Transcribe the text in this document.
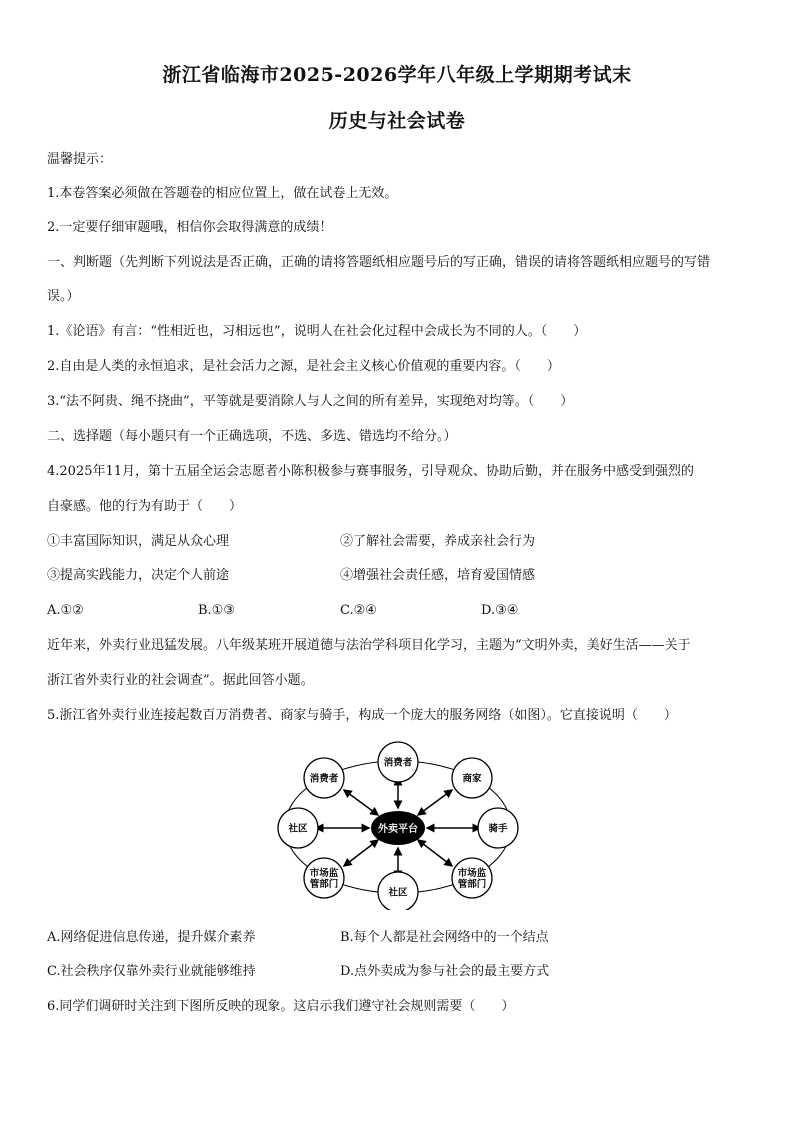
浙江省临海市2025-2026学年八年级上学期期考试末
历史与社会试卷
温馨提示：
1.本卷答案必须做在答题卷的相应位置上，做在试卷上无效。
2.一定要仔细审题哦，相信你会取得满意的成绩！
一、判断题（先判断下列说法是否正确，正确的请将答题纸相应题号后的写正确，错误的请将答题纸相应题号的写错
误。）
1.《论语》有言：“性相近也，习相远也”，说明人在社会化过程中会成长为不同的人。（　　）
2.自由是人类的永恒追求，是社会活力之源，是社会主义核心价值观的重要内容。（　　）
3.“法不阿贵、绳不挠曲”，平等就是要消除人与人之间的所有差异，实现绝对均等。（　　）
二、选择题（每小题只有一个正确选项，不选、多选、错选均不给分。）
4.2025年11月，第十五届全运会志愿者小陈积极参与赛事服务，引导观众、协助后勤，并在服务中感受到强烈的
自豪感。他的行为有助于（　　）
①丰富国际知识，满足从众心理	②了解社会需要，养成亲社会行为
③提高实践能力，决定个人前途	④增强社会责任感，培育爱国情感
A.①②	B.①③	C.②④	D.③④
近年来，外卖行业迅猛发展。八年级某班开展道德与法治学科项目化学习，主题为“文明外卖，美好生活——关于
浙江省外卖行业的社会调查”。据此回答小题。
5.浙江省外卖行业连接起数百万消费者、商家与骑手，构成一个庞大的服务网络（如图）。它直接说明（　　）
外卖平台
消费者
消费者	商家
社区	骑手
市场监
管部门
社区
市场监
管部门
A.网络促进信息传递，提升媒介素养	B.每个人都是社会网络中的一个结点
C.社会秩序仅靠外卖行业就能够维持	D.点外卖成为参与社会的最主要方式
6.同学们调研时关注到下图所反映的现象。这启示我们遵守社会规则需要（　　）
